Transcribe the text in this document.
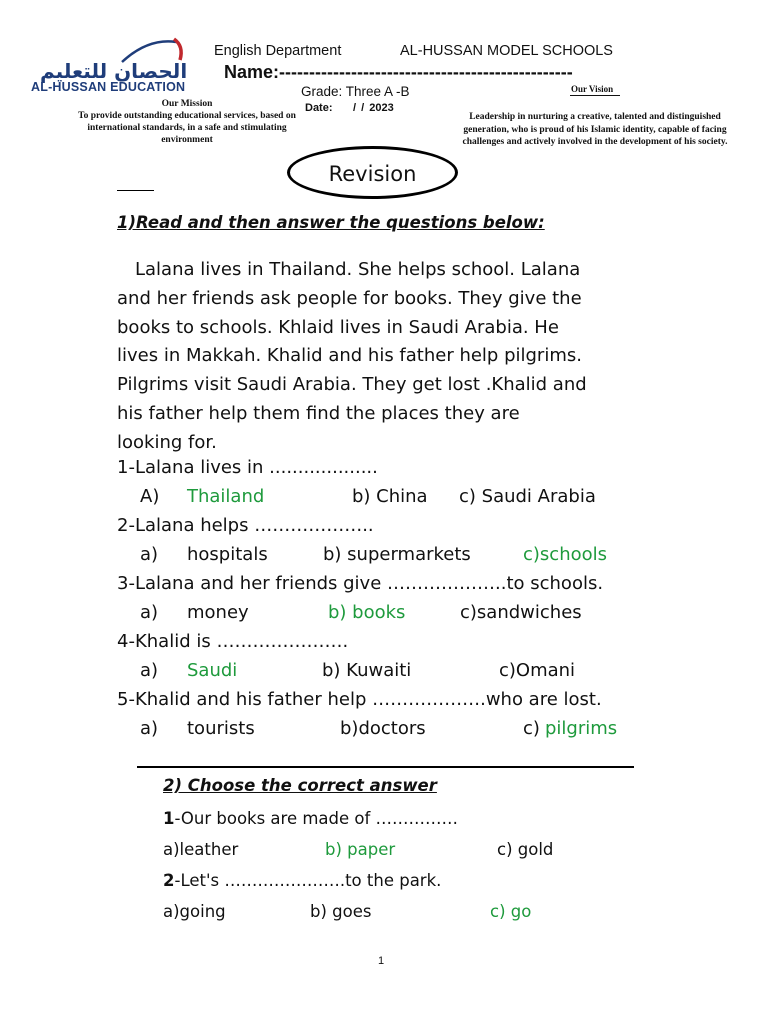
الحصان للتعليم
AL-HUSSAN EDUCATION
English Department	AL-HUSSAN MODEL SCHOOLS
Name:-------------------------------------------------
Grade: Three A -B
Date: / / 2023
Our Mission
To provide outstanding educational services, based on international standards, in a safe and stimulating environment
Our Vision
Leadership in nurturing a creative, talented and distinguished generation, who is proud of his Islamic identity, capable of facing challenges and actively involved in the development of his society.
Revision
1)Read and then answer the questions below:
Lalana lives in Thailand. She helps school. Lalana
and her friends ask people for books. They give the
books to schools. Khlaid lives in Saudi Arabia. He
lives in Makkah. Khalid and his father help pilgrims.
Pilgrims visit Saudi Arabia. They get lost .Khalid and
his father help them find the places they are
looking for.
1-Lalana lives in ...................
A) Thailand	b) China c) Saudi Arabia
2-Lalana helps ………………..
a) hospitals	b) supermarkets	c)schools
3-Lalana and her friends give ………………..to schools.
a) money	b) books	c)sandwiches
4-Khalid is ………………….
a) Saudi	b) Kuwaiti	c)Omani
5-Khalid and his father help ……………….who are lost.
a) tourists	b)doctors	c) pilgrims
2) Choose the correct answer
1-Our books are made of ……………
a)leather	b) paper	c) gold
2-Let's ………………….to the park.
a)going	b) goes	c) go
1
